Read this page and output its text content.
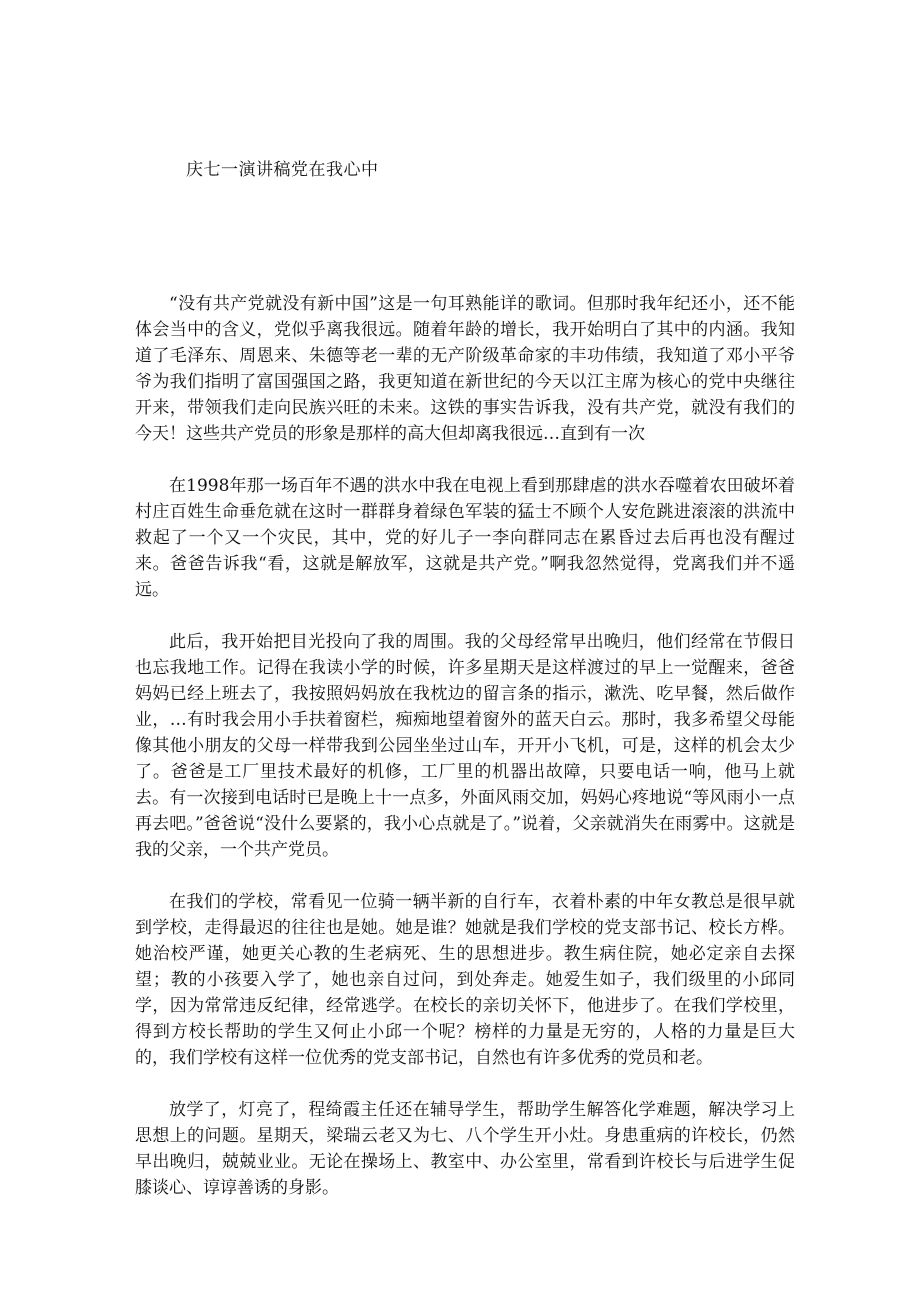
庆七一演讲稿党在我心中

“没有共产党就没有新中国”这是一句耳熟能详的歌词。但那时我年纪还小，还不能体会当中的含义，党似乎离我很远。随着年龄的增长，我开始明白了其中的内涵。我知道了毛泽东、周恩来、朱德等老一辈的无产阶级革命家的丰功伟绩，我知道了邓小平爷爷为我们指明了富国强国之路，我更知道在新世纪的今天以江主席为核心的党中央继往开来，带领我们走向民族兴旺的未来。这铁的事实告诉我，没有共产党，就没有我们的今天！这些共产党员的形象是那样的高大但却离我很远…直到有一次

在1998年那一场百年不遇的洪水中我在电视上看到那肆虐的洪水吞噬着农田破坏着村庄百姓生命垂危就在这时一群群身着绿色军装的猛士不顾个人安危跳进滚滚的洪流中救起了一个又一个灾民，其中，党的好儿子一李向群同志在累昏过去后再也没有醒过来。爸爸告诉我“看，这就是解放军，这就是共产党。”啊我忽然觉得，党离我们并不遥远。

此后，我开始把目光投向了我的周围。我的父母经常早出晚归，他们经常在节假日也忘我地工作。记得在我读小学的时候，许多星期天是这样渡过的早上一觉醒来，爸爸妈妈已经上班去了，我按照妈妈放在我枕边的留言条的指示，漱洗、吃早餐，然后做作业，…有时我会用小手扶着窗栏，痴痴地望着窗外的蓝天白云。那时，我多希望父母能像其他小朋友的父母一样带我到公园坐坐过山车，开开小飞机，可是，这样的机会太少了。爸爸是工厂里技术最好的机修，工厂里的机器出故障，只要电话一响，他马上就去。有一次接到电话时已是晚上十一点多，外面风雨交加，妈妈心疼地说“等风雨小一点再去吧。”爸爸说“没什么要紧的，我小心点就是了。”说着，父亲就消失在雨雾中。这就是我的父亲，一个共产党员。

在我们的学校，常看见一位骑一辆半新的自行车，衣着朴素的中年女教总是很早就到学校，走得最迟的往往也是她。她是谁？她就是我们学校的党支部书记、校长方桦。她治校严谨，她更关心教的生老病死、生的思想进步。教生病住院，她必定亲自去探望；教的小孩要入学了，她也亲自过问，到处奔走。她爱生如子，我们级里的小邱同学，因为常常违反纪律，经常逃学。在校长的亲切关怀下，他进步了。在我们学校里，得到方校长帮助的学生又何止小邱一个呢？榜样的力量是无穷的，人格的力量是巨大的，我们学校有这样一位优秀的党支部书记，自然也有许多优秀的党员和老。

放学了，灯亮了，程绮霞主任还在辅导学生，帮助学生解答化学难题，解决学习上思想上的问题。星期天，梁瑞云老又为七、八个学生开小灶。身患重病的许校长，仍然早出晚归，兢兢业业。无论在操场上、教室中、办公室里，常看到许校长与后进学生促膝谈心、谆谆善诱的身影。
